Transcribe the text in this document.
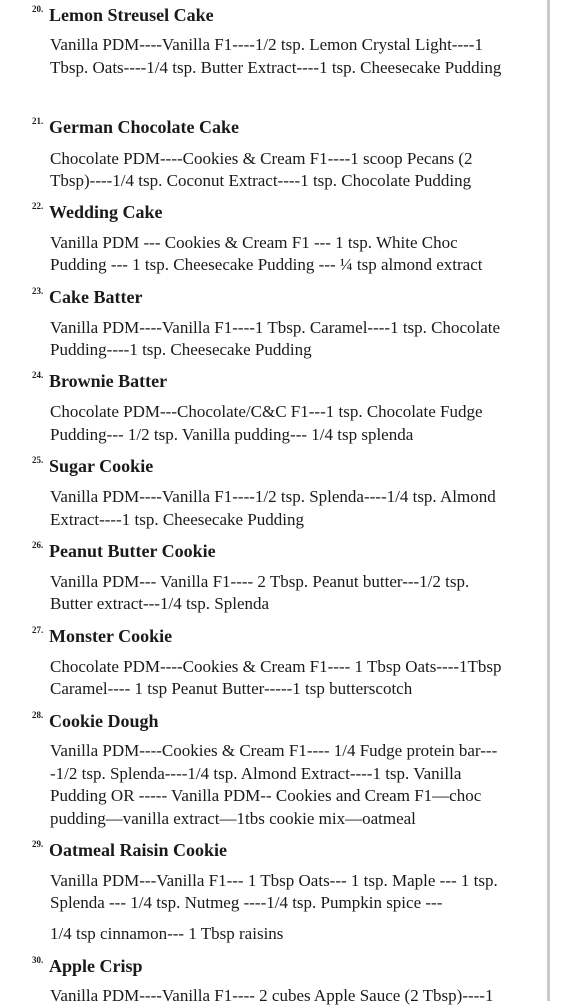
20. Lemon Streusel Cake
Vanilla PDM----Vanilla F1----1/2 tsp. Lemon Crystal Light----1
Tbsp. Oats----1/4 tsp. Butter Extract----1 tsp. Cheesecake Pudding
21. German Chocolate Cake
Chocolate PDM----Cookies & Cream F1----1 scoop Pecans (2
Tbsp)----1/4 tsp. Coconut Extract----1 tsp. Chocolate Pudding
22. Wedding Cake
Vanilla PDM --- Cookies & Cream F1 --- 1 tsp. White Choc
Pudding --- 1 tsp. Cheesecake Pudding --- ¼ tsp almond extract
23. Cake Batter
Vanilla PDM----Vanilla F1----1 Tbsp. Caramel----1 tsp. Chocolate
Pudding----1 tsp. Cheesecake Pudding
24. Brownie Batter
Chocolate PDM---Chocolate/C&C F1---1 tsp. Chocolate Fudge
Pudding--- 1/2 tsp. Vanilla pudding--- 1/4 tsp splenda
25. Sugar Cookie
Vanilla PDM----Vanilla F1----1/2 tsp. Splenda----1/4 tsp. Almond
Extract----1 tsp. Cheesecake Pudding
26. Peanut Butter Cookie
Vanilla PDM--- Vanilla F1---- 2 Tbsp. Peanut butter---1/2 tsp.
Butter extract---1/4 tsp. Splenda
27. Monster Cookie
Chocolate PDM----Cookies & Cream F1---- 1 Tbsp Oats----1Tbsp
Caramel---- 1 tsp Peanut Butter-----1 tsp butterscotch
28. Cookie Dough
Vanilla PDM----Cookies & Cream F1---- 1/4 Fudge protein bar---
-1/2 tsp. Splenda----1/4 tsp. Almond Extract----1 tsp. Vanilla
Pudding OR ----- Vanilla PDM-- Cookies and Cream F1—choc
pudding—vanilla extract—1tbs cookie mix—oatmeal
29. Oatmeal Raisin Cookie
Vanilla PDM---Vanilla F1--- 1 Tbsp Oats--- 1 tsp. Maple --- 1 tsp.
Splenda --- 1/4 tsp. Nutmeg ----1/4 tsp. Pumpkin spice ---
1/4 tsp cinnamon--- 1 Tbsp raisins
30. Apple Crisp
Vanilla PDM----Vanilla F1---- 2 cubes Apple Sauce (2 Tbsp)----1
